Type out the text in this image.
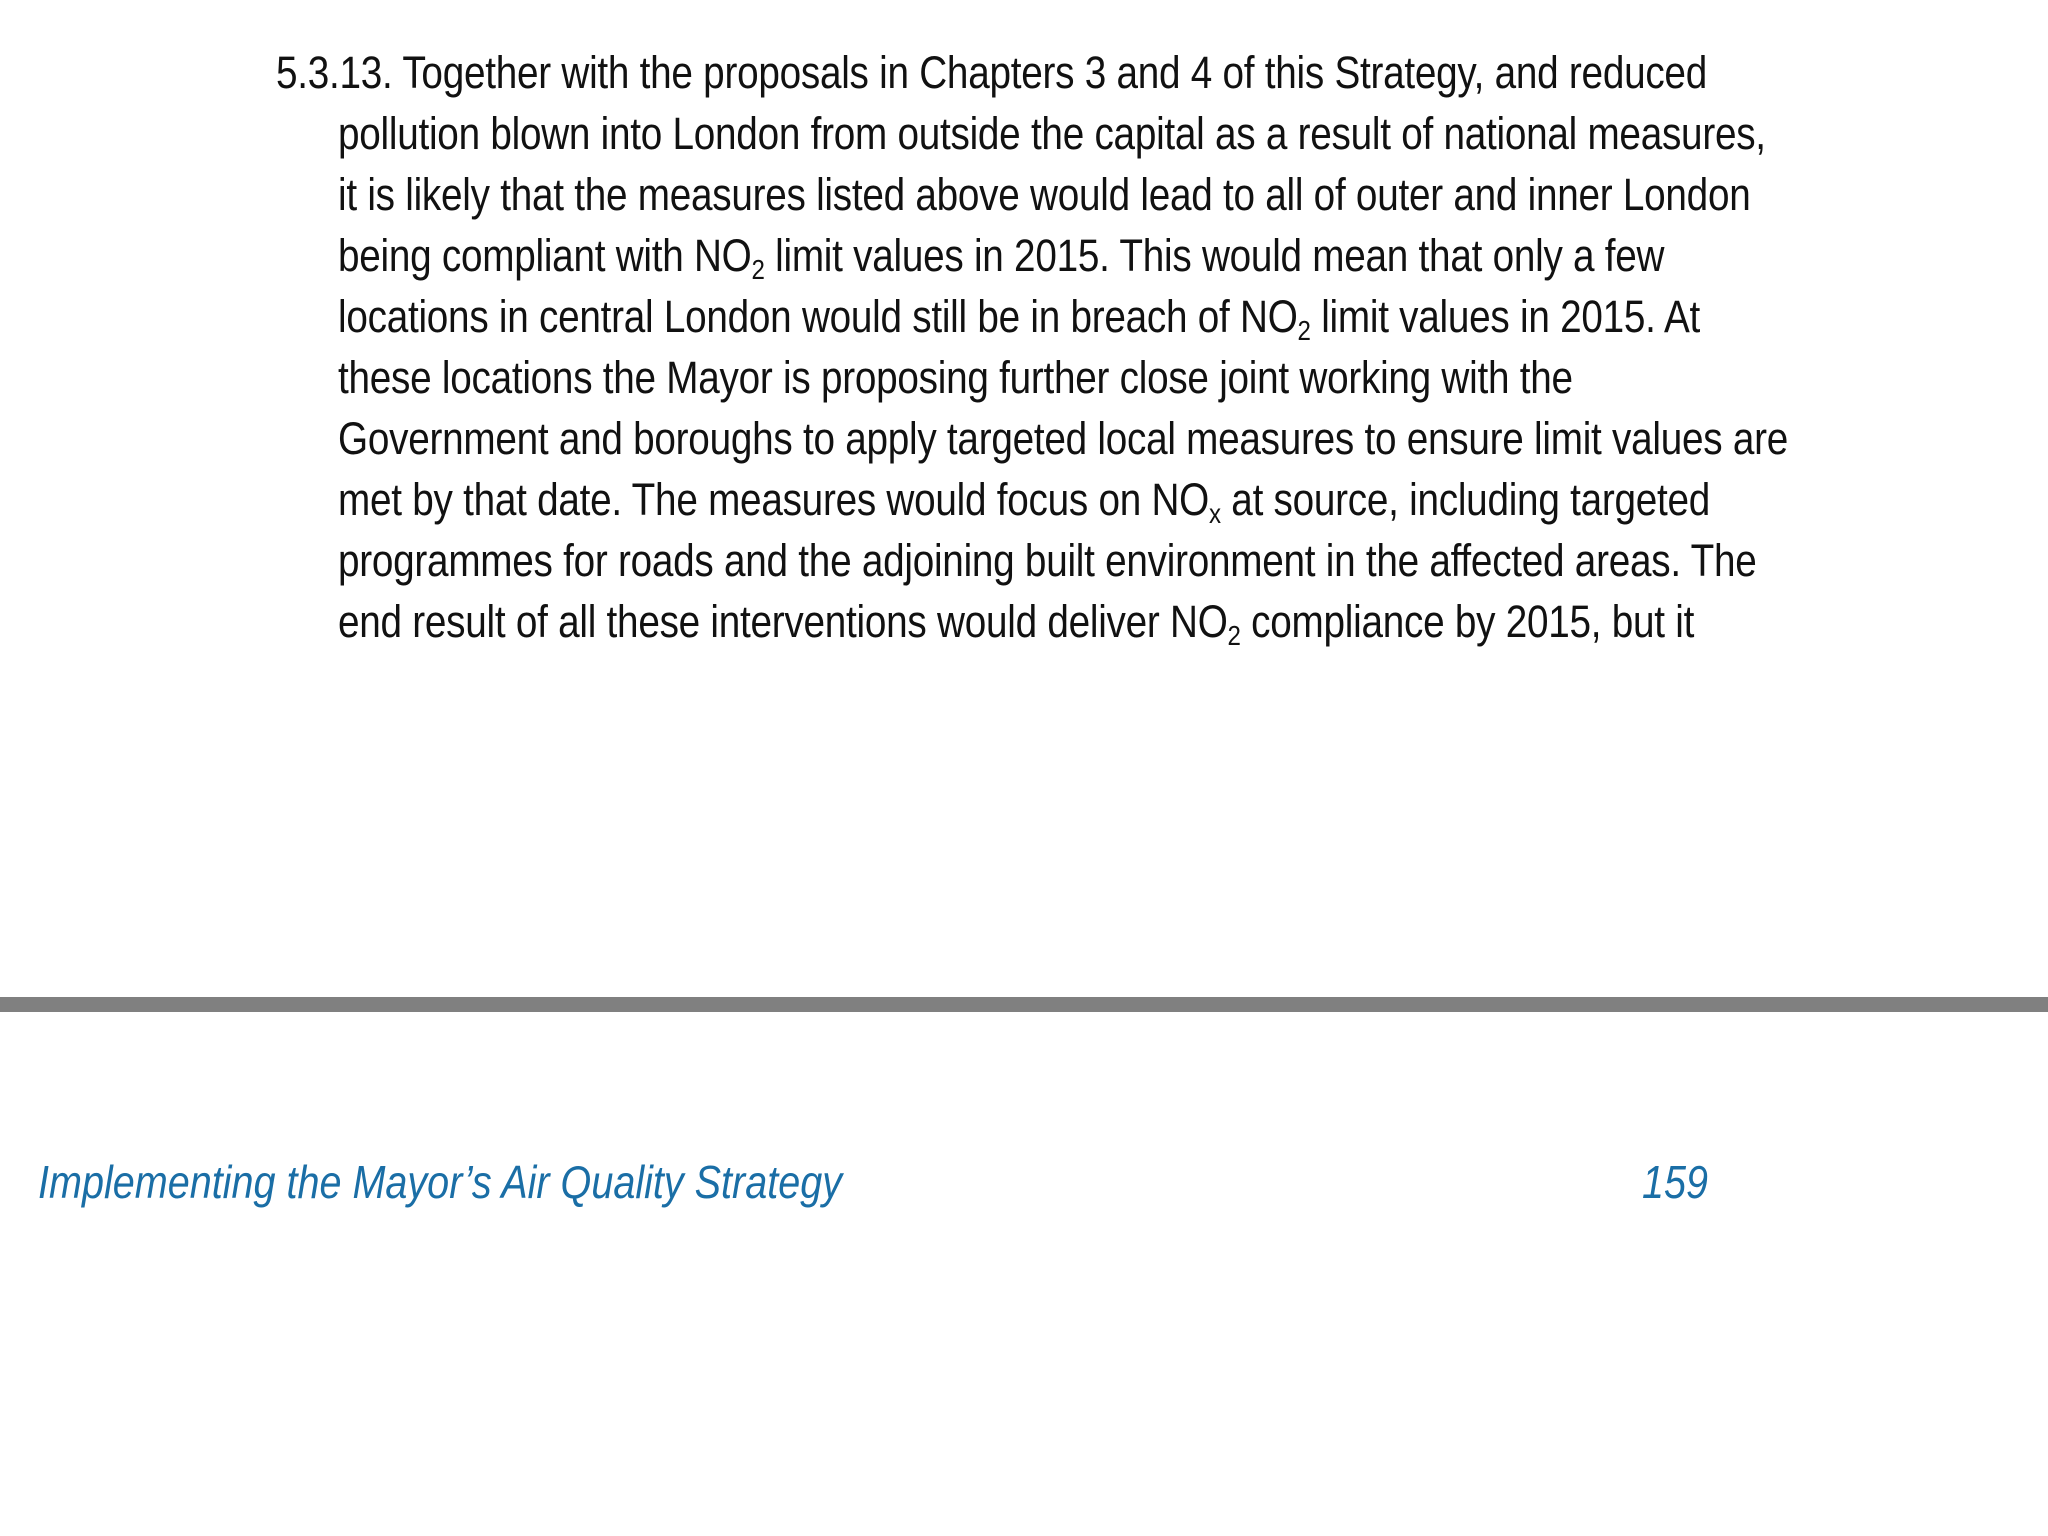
5.3.13. Together with the proposals in Chapters 3 and 4 of this Strategy, and reduced
pollution blown into London from outside the capital as a result of national measures,
it is likely that the measures listed above would lead to all of outer and inner London
being compliant with $NO_2$ limit values in 2015. This would mean that only a few
locations in central London would still be in breach of $NO_2$ limit values in 2015. At
these locations the Mayor is proposing further close joint working with the
Government and boroughs to apply targeted local measures to ensure limit values are
met by that date. The measures would focus on $NO_x$ at source, including targeted
programmes for roads and the adjoining built environment in the affected areas. The
end result of all these interventions would deliver $NO_2$ compliance by 2015, but it
Implementing the Mayor’s Air Quality Strategy	159
